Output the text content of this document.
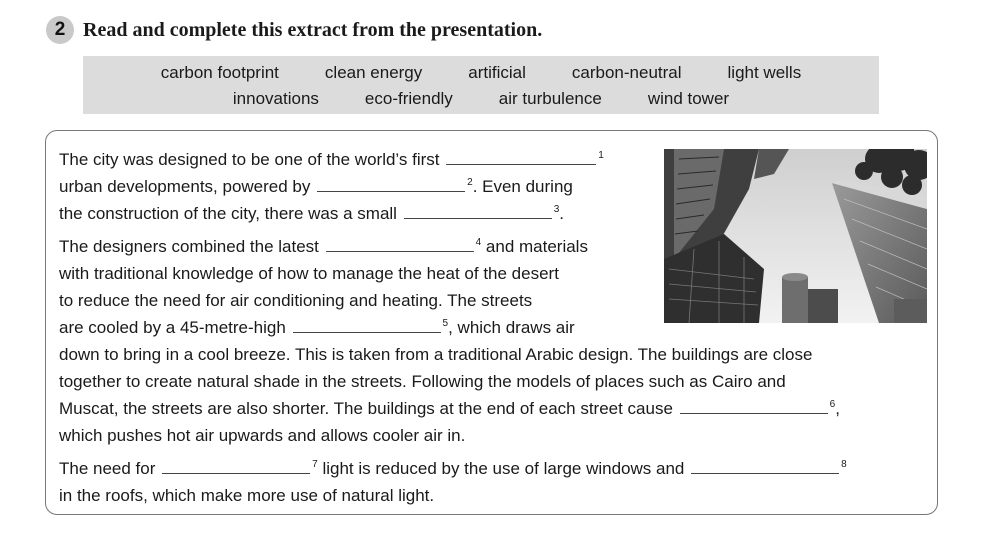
2 Read and complete this extract from the presentation.
carbon footprint	clean energy	artificial	carbon-neutral	light wells
innovations	eco-friendly	air turbulence	wind tower

The city was designed to be one of the world’s first	$^1$
urban developments, powered by	$^2$. Even during
the construction of the city, there was a small	$^3$.

The designers combined the latest	$^4$ and materials
with traditional knowledge of how to manage the heat of the desert
to reduce the need for air conditioning and heating. The streets
are cooled by a 45-metre-high	$^5$, which draws air
down to bring in a cool breeze. This is taken from a traditional Arabic design. The buildings are close
together to create natural shade in the streets. Following the models of places such as Cairo and
Muscat, the streets are also shorter. The buildings at the end of each street cause	$^6$,
which pushes hot air upwards and allows cooler air in.

The need for	$^7$ light is reduced by the use of large windows and	$^8$
in the roofs, which make more use of natural light.
